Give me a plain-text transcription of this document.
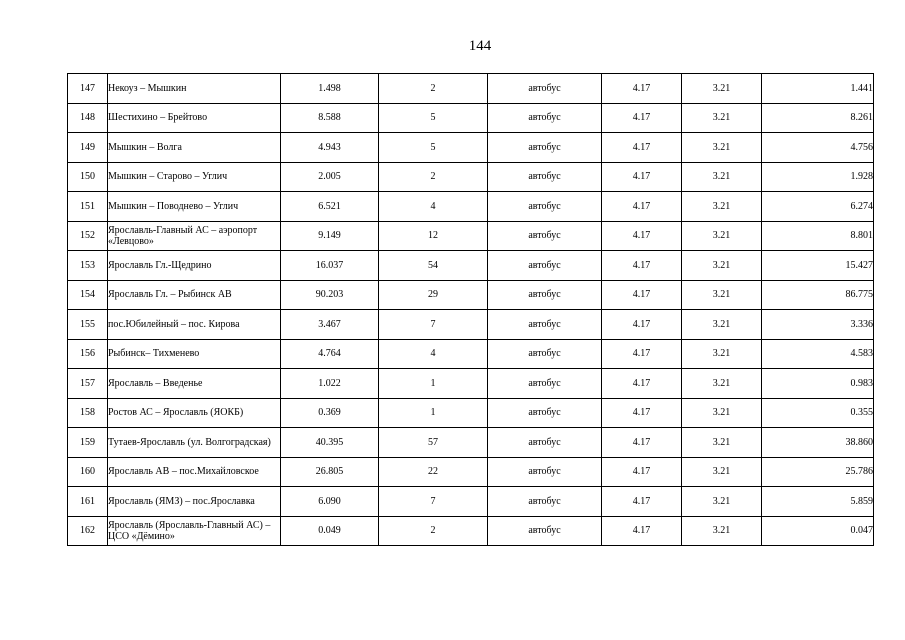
144
147	Некоуз – Мышкин	1.498	2	автобус	4.17	3.21	1.441
148	Шестихино – Брейтово	8.588	5	автобус	4.17	3.21	8.261
149	Мышкин – Волга	4.943	5	автобус	4.17	3.21	4.756
150	Мышкин – Старово – Углич	2.005	2	автобус	4.17	3.21	1.928
151	Мышкин – Поводнево – Углич	6.521	4	автобус	4.17	3.21	6.274
152	Ярославль-Главный АС – аэропорт «Левцово»	9.149	12	автобус	4.17	3.21	8.801
153	Ярославль Гл.-Щедрино	16.037	54	автобус	4.17	3.21	15.427
154	Ярославль Гл. – Рыбинск АВ	90.203	29	автобус	4.17	3.21	86.775
155	пос.Юбилейный – пос. Кирова	3.467	7	автобус	4.17	3.21	3.336
156	Рыбинск– Тихменево	4.764	4	автобус	4.17	3.21	4.583
157	Ярославль – Введенье	1.022	1	автобус	4.17	3.21	0.983
158	Ростов АС – Ярославль (ЯОКБ)	0.369	1	автобус	4.17	3.21	0.355
159	Тутаев-Ярославль (ул. Волгоградская)	40.395	57	автобус	4.17	3.21	38.860
160	Ярославль АВ – пос.Михайловское	26.805	22	автобус	4.17	3.21	25.786
161	Ярославль (ЯМЗ) – пос.Ярославка	6.090	7	автобус	4.17	3.21	5.859
162	Ярославль (Ярославль-Главный АС) – ЦСО «Дёмино»	0.049	2	автобус	4.17	3.21	0.047
